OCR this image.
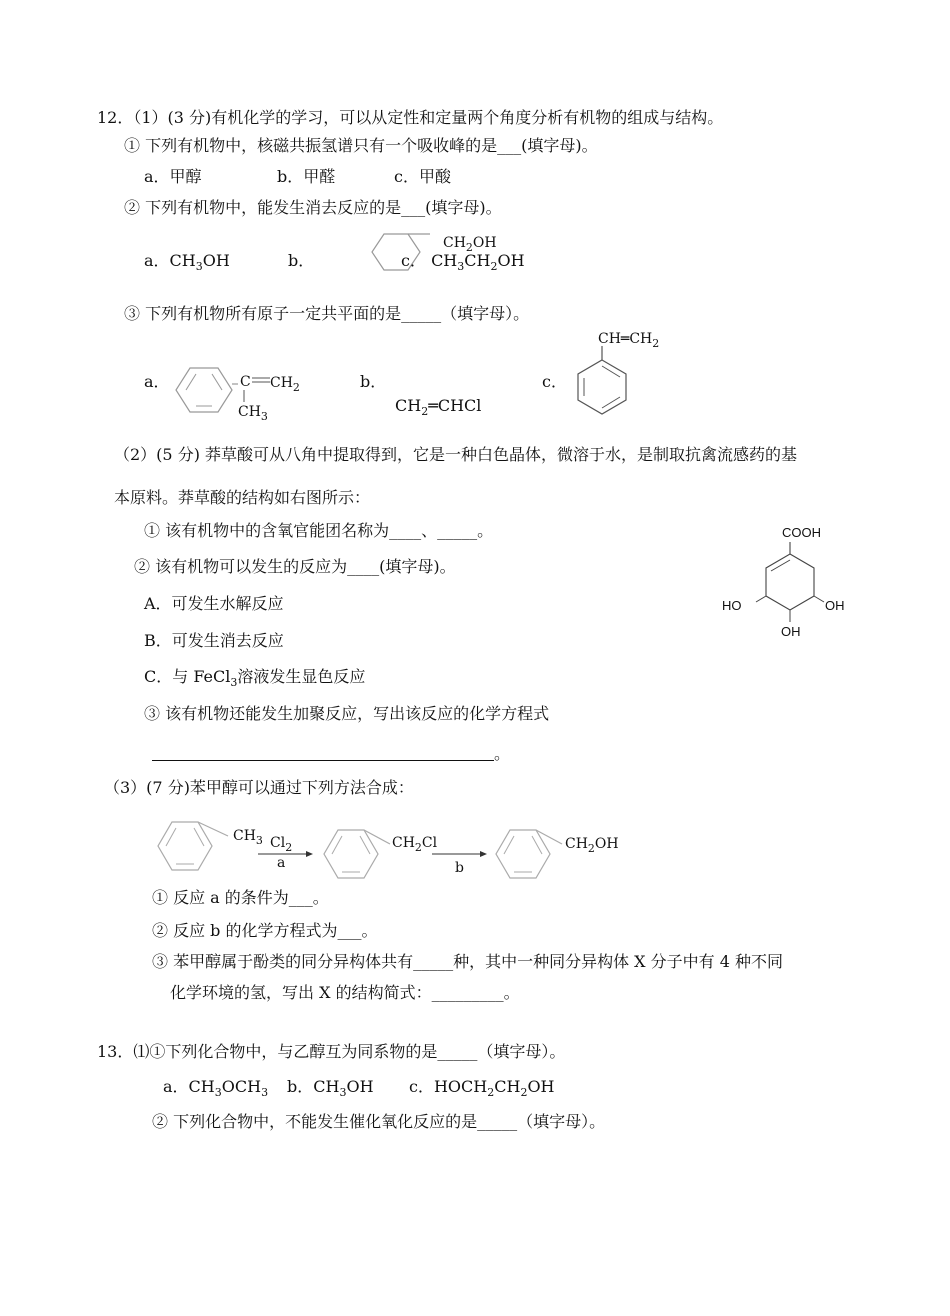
12．（1）(3 分)有机化学的学习，可以从定性和定量两个角度分析有机物的组成与结构。
① 下列有机物中，核磁共振氢谱只有一个吸收峰的是___(填字母)。
a．甲醇	b．甲醛	c．甲酸
② 下列有机物中，能发生消去反应的是___(填字母)。
a．$CH_3OH$	b．
$CH_2OH$
c． $CH_3CH_2OH$
③ 下列有机物所有原子一定共平面的是_____（填字母）。
a．	C $CH_2$
$CH_3$
b．
$CH_2═CHCl$
c．
$CH═CH_2$
（2）(5 分) 莽草酸可从八角中提取得到，它是一种白色晶体，微溶于水，是制取抗禽流感药的基
本原料。莽草酸的结构如右图所示：
① 该有机物中的含氧官能团名称为____、_____。
② 该有机物可以发生的反应为____(填字母)。
A．可发生水解反应
B．可发生消去反应
C．与 FeCl$_3$溶液发生显色反应
③ 该有机物还能发生加聚反应，写出该反应的化学方程式
。
COOH
HO	OH
OH
（3）(7 分)苯甲醇可以通过下列方法合成：
$CH_3$ $Cl_2$
a
$CH_2Cl$
b
$CH_2OH$
① 反应 a 的条件为___。
② 反应 b 的化学方程式为___。
③ 苯甲醇属于酚类的同分异构体共有_____种，其中一种同分异构体 X 分子中有 4 种不同
化学环境的氢，写出 X 的结构简式：_________。
13．⑴①下列化合物中，与乙醇互为同系物的是_____（填字母）。
a．$CH_3OCH_3$ b．$CH_3OH$ c．$HOCH_2CH_2OH$
② 下列化合物中，不能发生催化氧化反应的是_____（填字母）。
